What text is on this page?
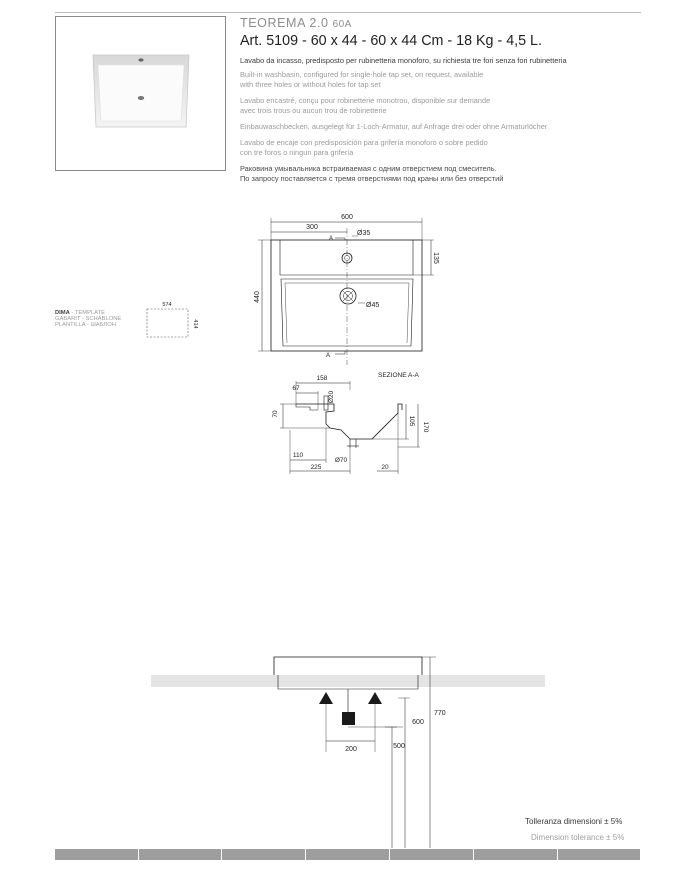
TEOREMA 2.0 60A
Art. 5109 - 60 x 44 - 60 x 44 Cm - 18 Kg - 4,5 L.
Lavabo da incasso, predisposto per rubinetteria monoforo, su richiesta tre fori senza fori rubinetteria
Built-in washbasin, configured for single-hole tap set, on request, available
with three holes or without holes for tap set
Lavabo encastré, conçu pour robinetterie monotrou, disponible sur demande
avec trois trous ou aucun trou de robinetterie
Einbauwaschbecken, ausgelegt für 1-Loch-Armatur, auf Anfrage drei oder ohne Armaturlöcher
Lavabo de encaje con predisposición para grifería monoforo o sobre pedido
con tre foros o ningun para grifería
Раковина умывальника встраиваемая с одним отверстием под смеситель.
По запросу поставляется с тремя отверстиями под краны или без отверстий
DIMA - TEMPLATE
GABARIT - SCHABLONE
PLANTILLA - ШАБЛОН
574
414
600
300
440
135
Ø35
Ø45
A
A
SEZIONE A-A
158
67
Ø20
70
105
170
110
Ø70
225	20
200
600
500
770
Tolleranza dimensioni ± 5%
Dimension tolerance ± 5%
